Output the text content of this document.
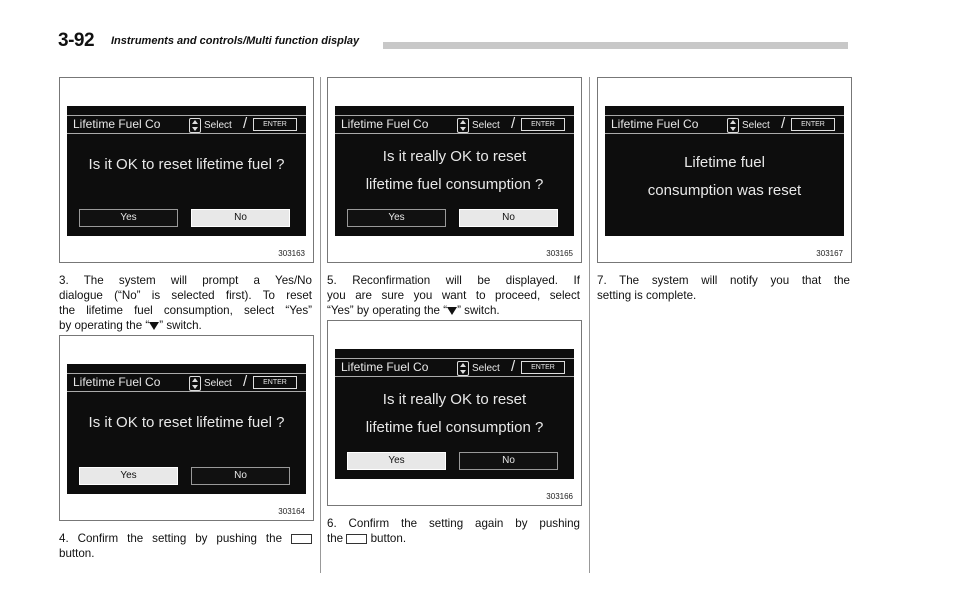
3-92 Instruments and controls/Multi function display
Lifetime Fuel Co	Select /	ENTER
Is it OK to reset lifetime fuel ?
Yes	No
303163
3. The system will prompt a Yes/No
dialogue (“No” is selected first). To reset
the lifetime fuel consumption, select “Yes”
by operating the “ ” switch.
Lifetime Fuel Co	Select /	ENTER
Is it OK to reset lifetime fuel ?
Yes	No
303164
4. Confirm the setting by pushing the
button.
Lifetime Fuel Co	Select /	ENTER
Is it really OK to reset
lifetime fuel consumption ?
Yes	No
303165
5. Reconfirmation will be displayed. If
you are sure you want to proceed, select
“Yes” by operating the “ ” switch.
Lifetime Fuel Co	Select /	ENTER
Is it really OK to reset
lifetime fuel consumption ?
Yes	No
303166
6. Confirm the setting again by pushing
the button.
Lifetime Fuel Co	Select /	ENTER
Lifetime fuel
consumption was reset
303167
7. The system will notify you that the
setting is complete.
